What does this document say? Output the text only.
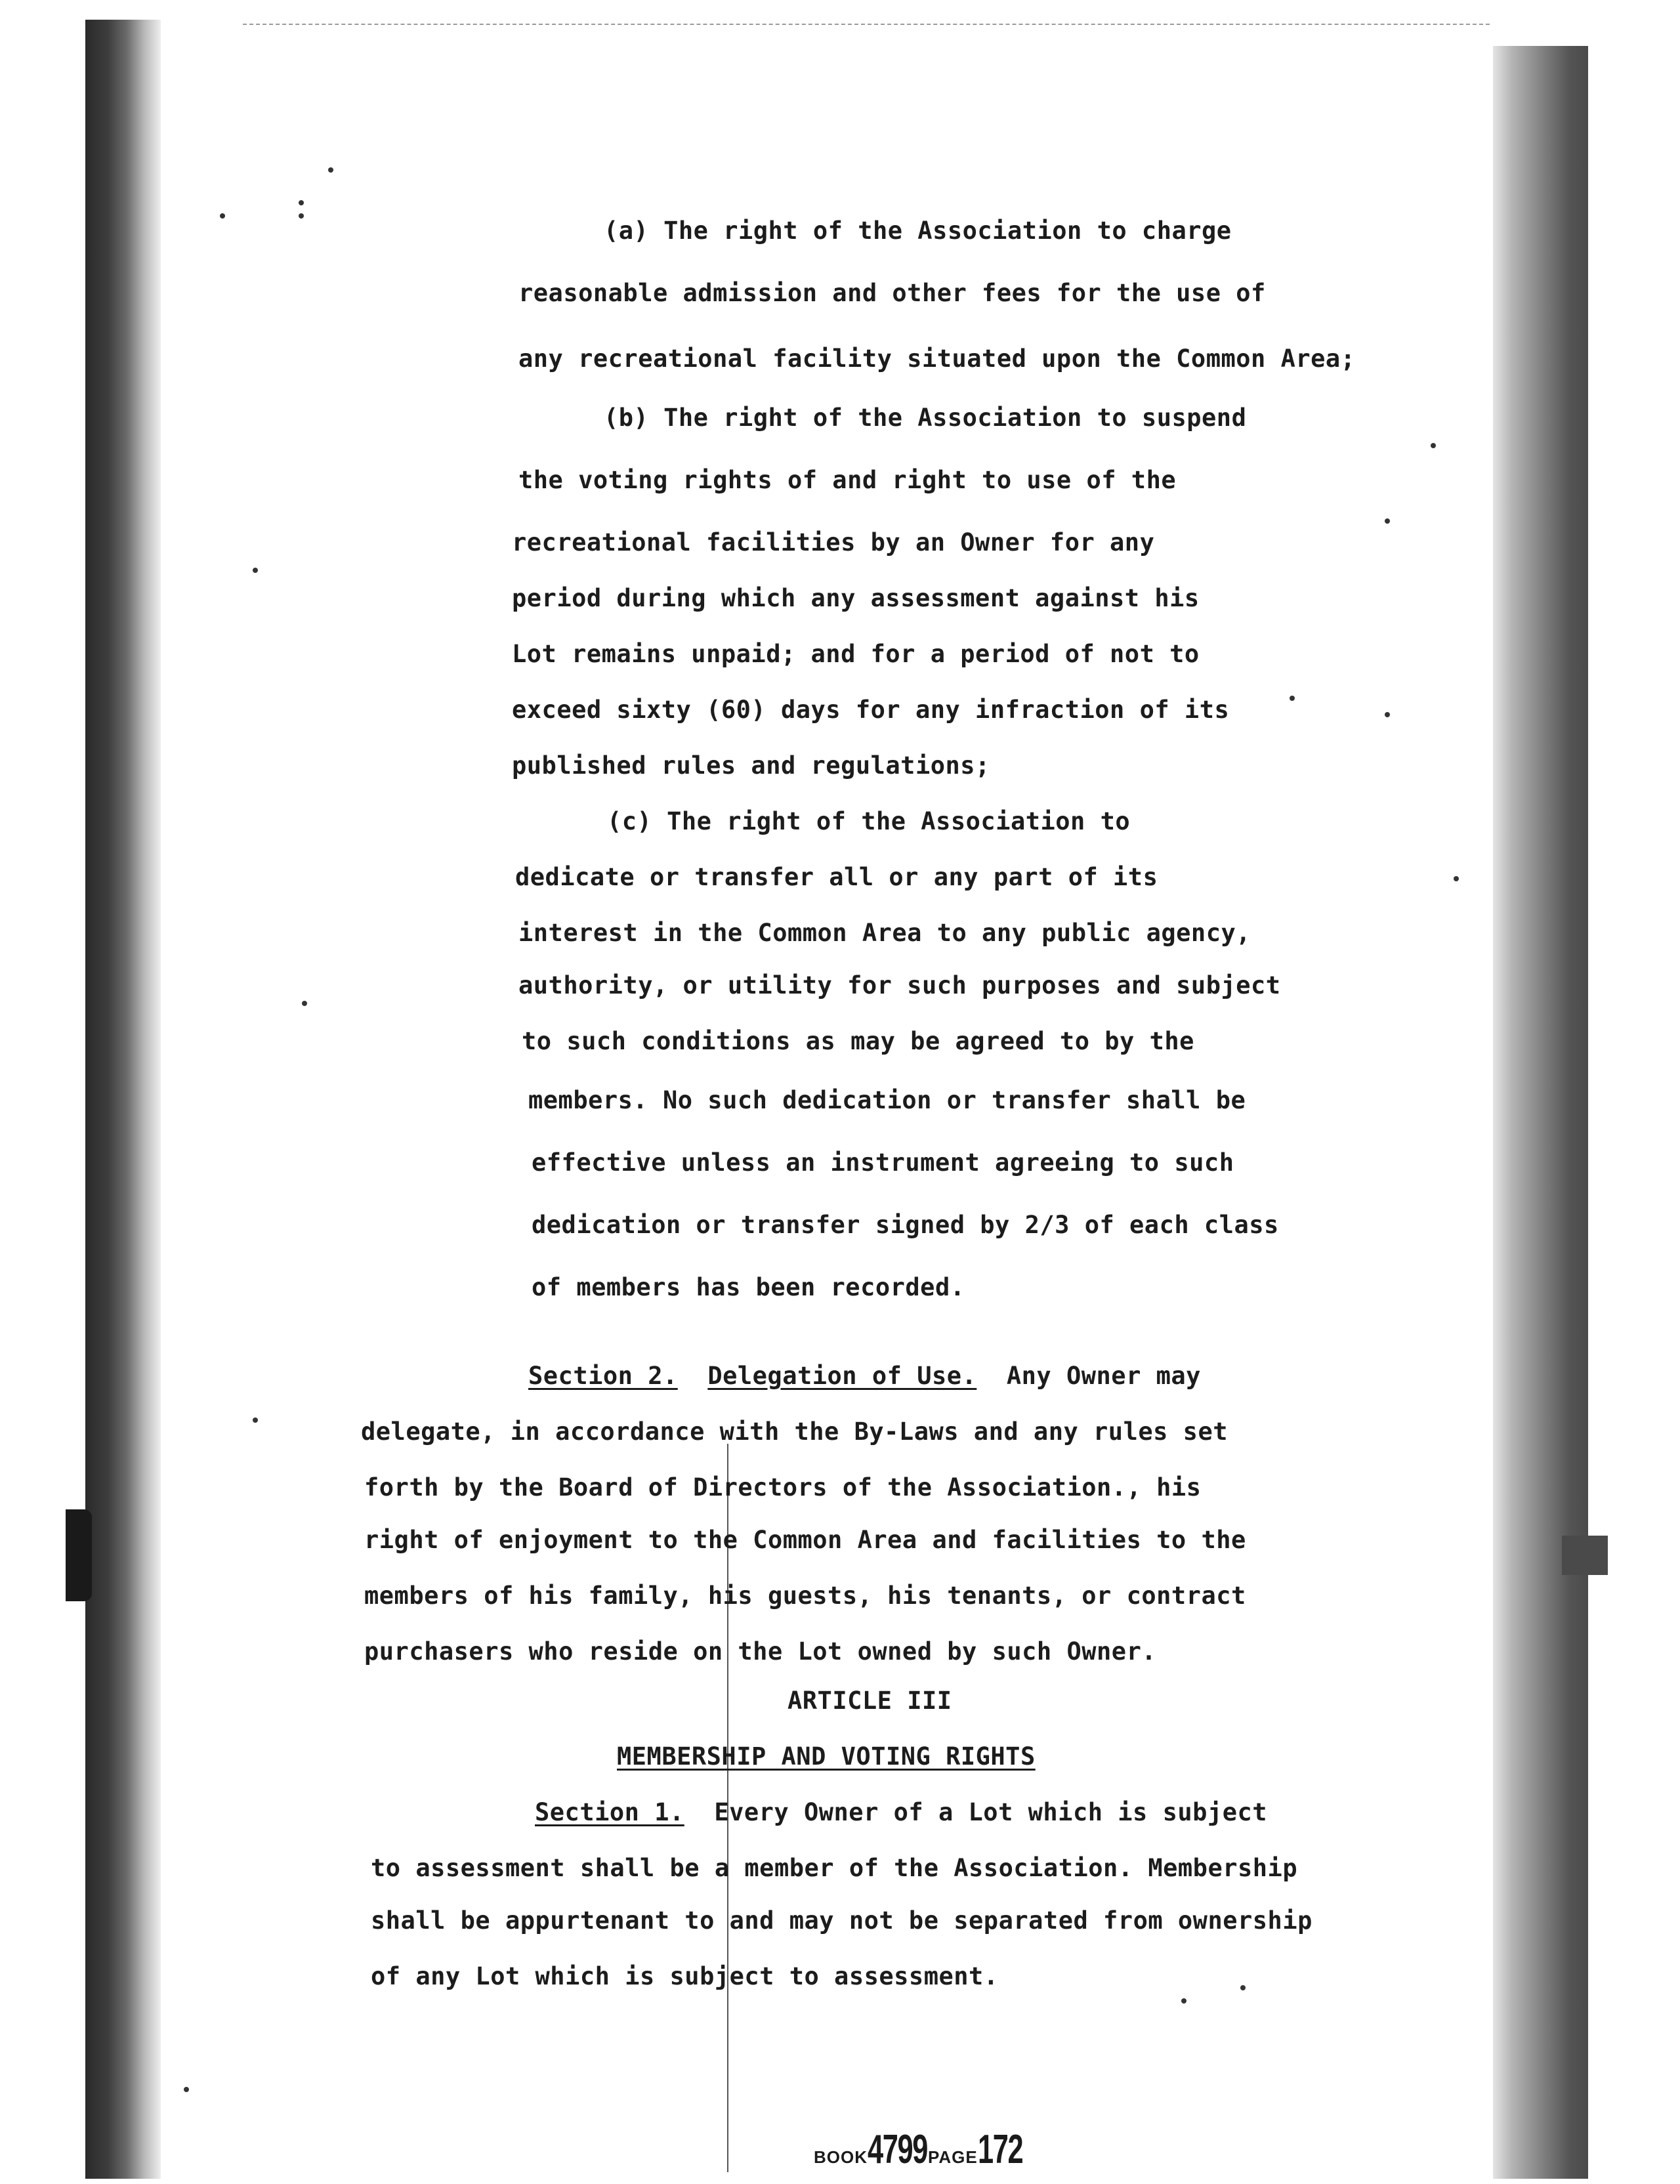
(a) The right of the Association to charge
reasonable admission and other fees for the use of
any recreational facility situated upon the Common Area;
(b) The right of the Association to suspend
the voting rights of and right to use of the
recreational facilities by an Owner for any
period during which any assessment against his
Lot remains unpaid; and for a period of not to
exceed sixty (60) days for any infraction of its
published rules and regulations;
(c) The right of the Association to
dedicate or transfer all or any part of its
interest in the Common Area to any public agency,
authority, or utility for such purposes and subject
to such conditions as may be agreed to by the
members. No such dedication or transfer shall be
effective unless an instrument agreeing to such
dedication or transfer signed by 2/3 of each class
of members has been recorded.
Section 2. Delegation of Use. Any Owner may
delegate, in accordance with the By-Laws and any rules set
forth by the Board of Directors of the Association., his
right of enjoyment to the Common Area and facilities to the
members of his family, his guests, his tenants, or contract
purchasers who reside on the Lot owned by such Owner.
ARTICLE III
MEMBERSHIP AND VOTING RIGHTS
Section 1. Every Owner of a Lot which is subject
to assessment shall be a member of the Association. Membership
shall be appurtenant to and may not be separated from ownership
of any Lot which is subject to assessment.
BOOK4799PAGE172
